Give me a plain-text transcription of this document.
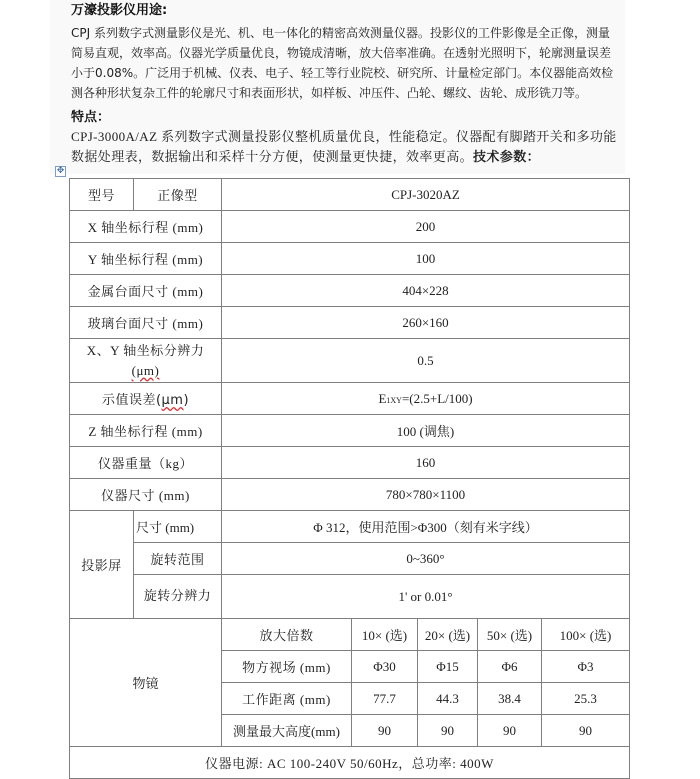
万濠投影仪用途:
CPJ 系列数字式测量影仪是光、机、电一体化的精密高效测量仪器。投影仪的工件影像是全正像，测量简易直观，效率高。仪器光学质量优良，物镜成清晰，放大倍率准确。在透射光照明下，轮廓测量误差小于0.08%。广泛用于机械、仪表、电子、轻工等行业院校、研究所、计量检定部门。本仪器能高效检测各种形状复杂工件的轮廓尺寸和表面形状，如样板、冲压件、凸轮、螺纹、齿轮、成形铣刀等。
特点：
CPJ-3000A/AZ 系列数字式测量投影仪整机质量优良，性能稳定。仪器配有脚踏开关和多功能数据处理表，数据输出和采样十分方便，使测量更快捷，效率更高。技术参数：
✥
型号	正像型	CPJ-3020AZ				
X 轴坐标行程 (mm)		200				
Y 轴坐标行程 (mm)		100				
金属台面尺寸 (mm)		404×228				
玻璃台面尺寸 (mm)		260×160				

X、Y 轴坐标分辨力
(μm)		0.5				
示值误差(μm)		E1XY=(2.5+L/100)				
Z 轴坐标行程 (mm)		100 (调焦)				
仪器重量（kg）		160				
仪器尺寸 (mm)		780×780×1100				
投影屏	尺寸 (mm)	Φ 312，使用范围>Φ300（刻有米字线）				
	旋转范围	0~360°				
	旋转分辨力	1' or 0.01°				
物镜		放大倍数	10× (选)	20× (选)	50× (选)	100× (选)
		物方视场 (mm)	Φ30	Φ15	Φ6	Φ3
		工作距离 (mm)	77.7	44.3	38.4	25.3
		测量最大高度(mm)	90	90	90	90
仪器电源: AC 100-240V 50/60Hz，总功率: 400W						
